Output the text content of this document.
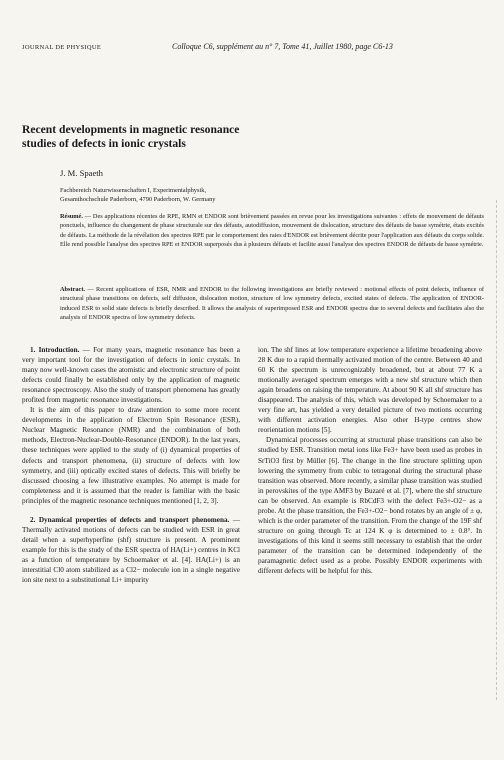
JOURNAL DE PHYSIQUE	Colloque C6, supplément au n° 7, Tome 41, Juillet 1980, page C6-13
Recent developments in magnetic resonance
studies of defects in ionic crystals
J. M. Spaeth
Fachbereich Naturwissenschaften I, Experimentalphysik,
Gesamthochschule Paderborn, 4790 Paderborn, W. Germany
Résumé. — Des applications récentes de RPE, RMN et ENDOR sont brièvement passées en revue pour les investigations suivantes : effets de mouvement de défauts ponctuels, influence du changement de phase structurale sur des défauts, autodiffusion, mouvement de dislocation, structure des défauts de basse symétrie, états excités de défauts. La méthode de la révélation des spectres RPE par le comportement des raies d'ENDOR est brièvement décrite pour l'application aux défauts du corps solide. Elle rend possible l'analyse des spectres RPE et ENDOR superposés dus à plusieurs défauts et facilite aussi l'analyse des spectres ENDOR de défauts de basse symétrie.
Abstract. — Recent applications of ESR, NMR and ENDOR to the following investigations are briefly reviewed : motional effects of point defects, influence of structural phase transitions on defects, self diffusion, dislocation motion, structure of low symmetry defects, excited states of defects. The application of ENDOR-induced ESR to solid state defects is briefly described. It allows the analysis of superimposed ESR and ENDOR spectra due to several defects and facilitates also the analysis of ENDOR spectra of low symmetry defects.

1. Introduction. — For many years, magnetic resonance has been a very important tool for the investigation of defects in ionic crystals. In many now well-known cases the atomistic and electronic structure of point defects could finally be established only by the application of magnetic resonance spectroscopy. Also the study of transport phenomena has greatly profited from magnetic resonance investigations.

It is the aim of this paper to draw attention to some more recent developments in the application of Electron Spin Resonance (ESR), Nuclear Magnetic Resonance (NMR) and the combination of both methods, Electron-Nuclear-Double-Resonance (ENDOR). In the last years, these techniques were applied to the study of (i) dynamical properties of defects and transport phenomena, (ii) structure of defects with low symmetry, and (iii) optically excited states of defects. This will briefly be discussed choosing a few illustrative examples. No attempt is made for completeness and it is assumed that the reader is familiar with the basic principles of the magnetic resonance techniques mentioned [1, 2, 3].

2. Dynamical properties of defects and transport phenomena. — Thermally activated motions of defects can be studied with ESR in great detail when a superhyperfine (shf) structure is present. A prominent example for this is the study of the ESR spectra of HA(Li+) centres in KCl as a function of temperature by Schoemaker et al. [4]. HA(Li+) is an interstitial Cl0 atom stabilized as a Cl2− molecule ion in a single negative ion site next to a substitutional Li+ impurity

ion. The shf lines at low temperature experience a lifetime broadening above 28 K due to a rapid thermally activated motion of the centre. Between 40 and 60 K the spectrum is unrecognizably broadened, but at about 77 K a motionally averaged spectrum emerges with a new shf structure which then again broadens on raising the temperature. At about 90 K all shf structure has disappeared. The analysis of this, which was developed by Schoemaker to a very fine art, has yielded a very detailed picture of two motions occurring with different activation energies. Also other H-type centres show reorientation motions [5].

Dynamical processes occurring at structural phase transitions can also be studied by ESR. Transition metal ions like Fe3+ have been used as probes in SrTiO3 first by Müller [6]. The change in the fine structure splitting upon lowering the symmetry from cubic to tetragonal during the structural phase transition was observed. More recently, a similar phase transition was studied in perovskites of the type AMF3 by Buzaré et al. [7], where the shf structure can be observed. An example is RbCdF3 with the defect Fe3+-O2− as a probe. At the phase transition, the Fe3+-O2− bond rotates by an angle of ± φ, which is the order parameter of the transition. From the change of the 19F shf structure on going through Tc at 124 K φ is determined to ± 0.8°. In investigations of this kind it seems still necessary to establish that the order parameter of the transition can be determined independently of the paramagnetic defect used as a probe. Possibly ENDOR experiments with different defects will be helpful for this.
